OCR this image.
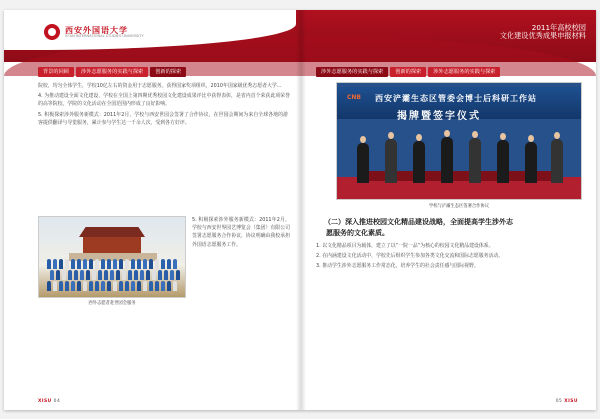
西安外国语大学
XI'AN INTERNATIONAL STUDIES UNIVERSITY
2011年高校校园
文化建设优秀成果申报材料
背景的回顾	涉外志愿服务的实践与探索	创新的探索	涉外志愿服务的实践与探索	创新的探索	涉外志愿服务的实践与探索

院校，均匀全体学生，学校10亿左右的资金用于志愿服务。获得国家奖项组织，2010年国家级优秀志愿者大学...

4. 为推动建设全面文化建设，学校在全国上第四期优秀校园文化建设成果评比中获得表彰，是省内首个荣获此项荣誉的高等院校。学院的文化活动在全国范围内形成了良好影响。

5. 积极探索涉外服务新模式：2011年2月，学校与西安世园会签署了合作协议，在世园会期间为来自全球各地的游客提供翻译与导览服务，累计参与学生达一千余人次，受到各方好评。

西外志愿者赴世园会服务

5. 积极探索涉外服务新模式：2011年2月，学校与西安世界园艺博览会（集团）有限公司签署志愿服务合作协议，协议明确由我校承担外国语志愿服务工作。

CNB 西安浐灞生态区管委会博士后科研工作站
揭牌暨签字仪式
学校与浐灞生态区签署合作协议
（二）深入推进校园文化精品建设战略，全面提高学生涉外志
愿服务的文化素质。

1. 以文化精品项目为载体，建立了以“一院一品”为核心的校园文化精品建设体系。

2. 在内涵建设文化活动中，学校先后组织学生参加各类文化交流和国际志愿服务活动。

3. 推动学生涉外志愿服务工作常态化，培养学生的社会责任感与国际视野。

XISU 04	05 XISU
